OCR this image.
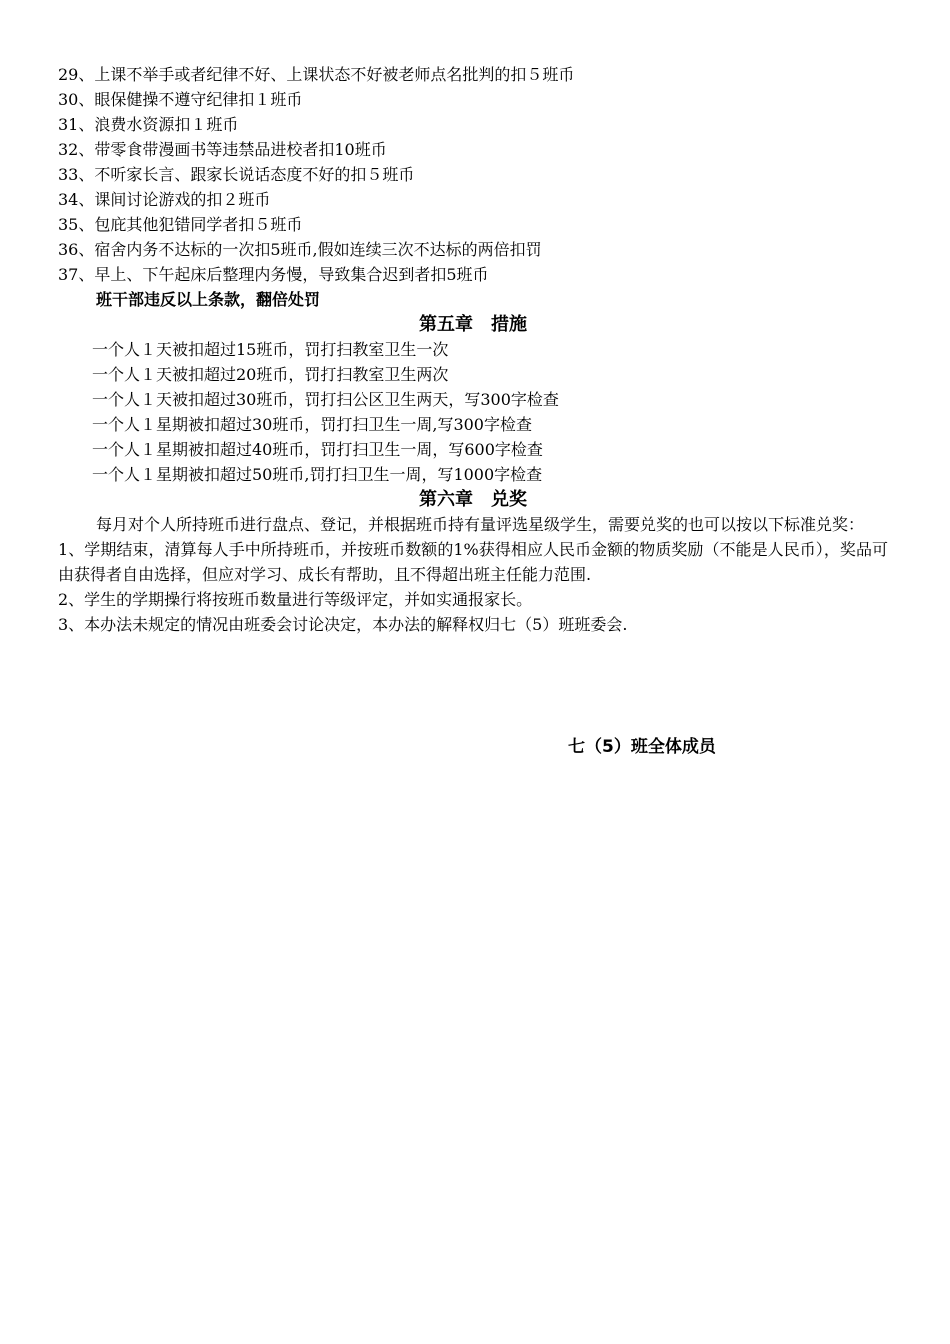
29、上课不举手或者纪律不好、上课状态不好被老师点名批判的扣５班币
30、眼保健操不遵守纪律扣１班币
31、浪费水资源扣１班币
32、带零食带漫画书等违禁品进校者扣10班币
33、不听家长言、跟家长说话态度不好的扣５班币
34、课间讨论游戏的扣２班币
35、包庇其他犯错同学者扣５班币
36、宿舍内务不达标的一次扣5班币,假如连续三次不达标的两倍扣罚
37、早上、下午起床后整理内务慢，导致集合迟到者扣5班币
班干部违反以上条款，翻倍处罚
第五章　措施
一个人１天被扣超过15班币，罚打扫教室卫生一次
一个人１天被扣超过20班币，罚打扫教室卫生两次
一个人１天被扣超过30班币，罚打扫公区卫生两天，写300字检查
一个人１星期被扣超过30班币，罚打扫卫生一周,写300字检查
一个人１星期被扣超过40班币，罚打扫卫生一周，写600字检查
一个人１星期被扣超过50班币,罚打扫卫生一周，写1000字检查
第六章　兑奖
每月对个人所持班币进行盘点、登记，并根据班币持有量评选星级学生，需要兑奖的也可以按以下标准兑奖：
1、学期结束，清算每人手中所持班币，并按班币数额的1%获得相应人民币金额的物质奖励（不能是人民币），奖品可由获得者自由选择，但应对学习、成长有帮助，且不得超出班主任能力范围.
2、学生的学期操行将按班币数量进行等级评定，并如实通报家长。
3、本办法未规定的情况由班委会讨论决定，本办法的解释权归七（5）班班委会.
七（5）班全体成员
